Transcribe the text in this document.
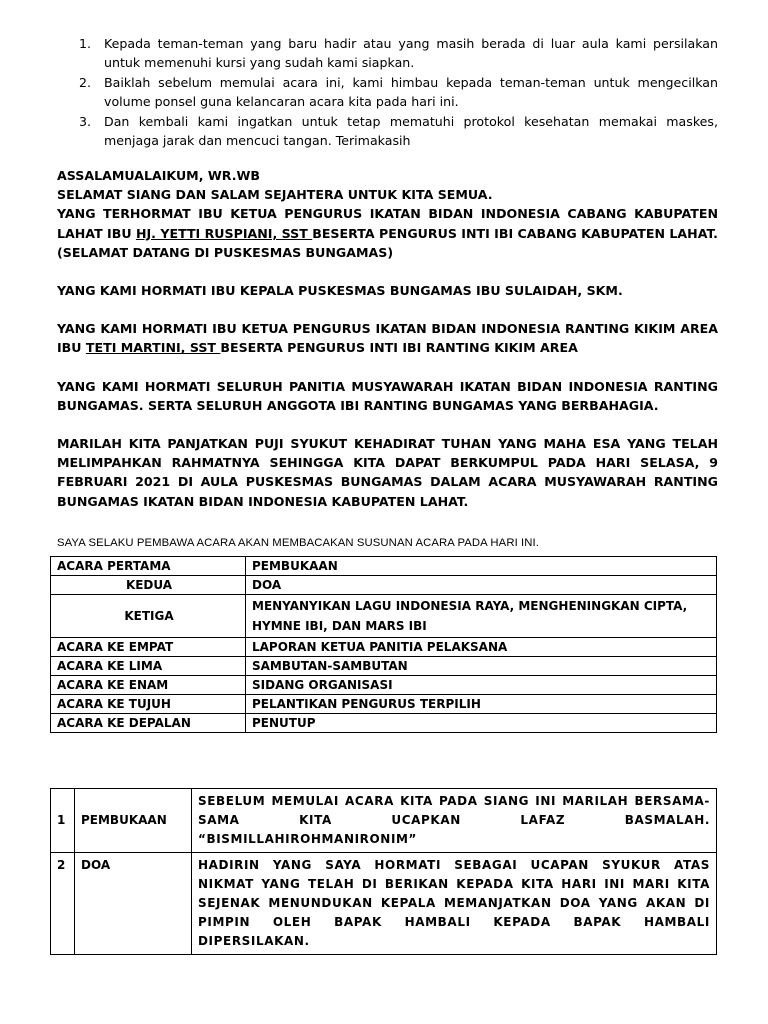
1. Kepada teman-teman yang baru hadir atau yang masih berada di luar aula kami persilakan untuk memenuhi kursi yang sudah kami siapkan.
2. Baiklah sebelum memulai acara ini, kami himbau kepada teman-teman untuk mengecilkan volume ponsel guna kelancaran acara kita pada hari ini.
3. Dan kembali kami ingatkan untuk tetap mematuhi protokol kesehatan memakai maskes, menjaga jarak dan mencuci tangan. Terimakasih

ASSALAMUALAIKUM, WR.WB

SELAMAT SIANG DAN SALAM SEJAHTERA UNTUK KITA SEMUA.

YANG TERHORMAT IBU KETUA PENGURUS IKATAN BIDAN INDONESIA CABANG KABUPATEN LAHAT IBU HJ. YETTI RUSPIANI, SST BESERTA PENGURUS INTI IBI CABANG KABUPATEN LAHAT.

(SELAMAT DATANG DI PUSKESMAS BUNGAMAS)

YANG KAMI HORMATI IBU KEPALA PUSKESMAS BUNGAMAS IBU SULAIDAH, SKM.

YANG KAMI HORMATI IBU KETUA PENGURUS IKATAN BIDAN INDONESIA RANTING KIKIM AREA IBU TETI MARTINI, SST BESERTA PENGURUS INTI IBI RANTING KIKIM AREA

YANG KAMI HORMATI SELURUH PANITIA MUSYAWARAH IKATAN BIDAN INDONESIA RANTING BUNGAMAS. SERTA SELURUH ANGGOTA IBI RANTING BUNGAMAS YANG BERBAHAGIA.

MARILAH KITA PANJATKAN PUJI SYUKUT KEHADIRAT TUHAN YANG MAHA ESA YANG TELAH MELIMPAHKAN RAHMATNYA SEHINGGA KITA DAPAT BERKUMPUL PADA HARI SELASA, 9 FEBRUARI 2021 DI AULA PUSKESMAS BUNGAMAS DALAM ACARA MUSYAWARAH RANTING BUNGAMAS IKATAN BIDAN INDONESIA KABUPATEN LAHAT.

SAYA SELAKU PEMBAWA ACARA AKAN MEMBACAKAN SUSUNAN ACARA PADA HARI INI.
ACARA PERTAMA	PEMBUKAAN
KEDUA	DOA
KETIGA	MENYANYIKAN LAGU INDONESIA RAYA, MENGHENINGKAN CIPTA, HYMNE IBI, DAN MARS IBI
ACARA KE EMPAT	LAPORAN KETUA PANITIA PELAKSANA
ACARA KE LIMA	SAMBUTAN-SAMBUTAN
ACARA KE ENAM	SIDANG ORGANISASI
ACARA KE TUJUH	PELANTIKAN PENGURUS TERPILIH
ACARA KE DEPALAN	PENUTUP
1	PEMBUKAAN	SEBELUM MEMULAI ACARA KITA PADA SIANG INI MARILAH BERSAMA-SAMA KITA UCAPKAN LAFAZ BASMALAH. “BISMILLAHIROHMANIRONIM”
2	DOA	HADIRIN YANG SAYA HORMATI SEBAGAI UCAPAN SYUKUR ATAS NIKMAT YANG TELAH DI BERIKAN KEPADA KITA HARI INI MARI KITA SEJENAK MENUNDUKAN KEPALA MEMANJATKAN DOA YANG AKAN DI PIMPIN OLEH BAPAK HAMBALI KEPADA BAPAK HAMBALI DIPERSILAKAN.
